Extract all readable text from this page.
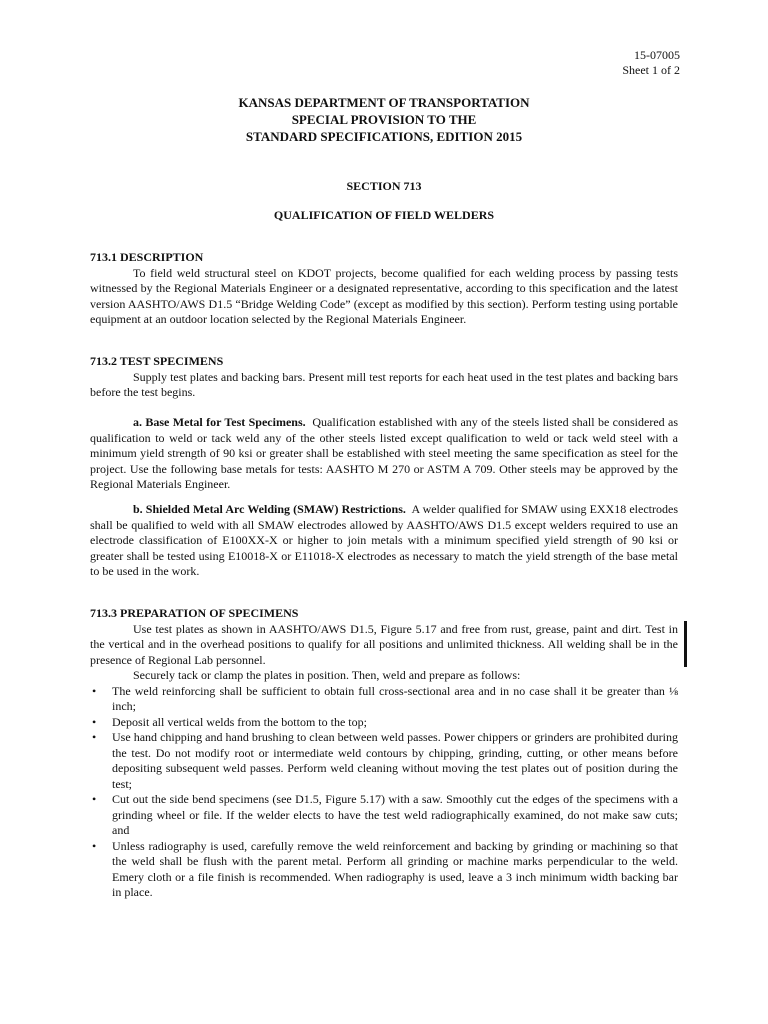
15-07005
Sheet 1 of 2
KANSAS DEPARTMENT OF TRANSPORTATION
SPECIAL PROVISION TO THE
STANDARD SPECIFICATIONS, EDITION 2015
SECTION 713
QUALIFICATION OF FIELD WELDERS
713.1 DESCRIPTION
To field weld structural steel on KDOT projects, become qualified for each welding process by passing tests witnessed by the Regional Materials Engineer or a designated representative, according to this specification and the latest version AASHTO/AWS D1.5 “Bridge Welding Code” (except as modified by this section). Perform testing using portable equipment at an outdoor location selected by the Regional Materials Engineer.
713.2 TEST SPECIMENS
Supply test plates and backing bars. Present mill test reports for each heat used in the test plates and backing bars before the test begins.
a. Base Metal for Test Specimens. Qualification established with any of the steels listed shall be considered as qualification to weld or tack weld any of the other steels listed except qualification to weld or tack weld steel with a minimum yield strength of 90 ksi or greater shall be established with steel meeting the same specification as steel for the project. Use the following base metals for tests: AASHTO M 270 or ASTM A 709. Other steels may be approved by the Regional Materials Engineer.
b. Shielded Metal Arc Welding (SMAW) Restrictions. A welder qualified for SMAW using EXX18 electrodes shall be qualified to weld with all SMAW electrodes allowed by AASHTO/AWS D1.5 except welders required to use an electrode classification of E100XX-X or higher to join metals with a minimum specified yield strength of 90 ksi or greater shall be tested using E10018-X or E11018-X electrodes as necessary to match the yield strength of the base metal to be used in the work.
713.3 PREPARATION OF SPECIMENS
Use test plates as shown in AASHTO/AWS D1.5, Figure 5.17 and free from rust, grease, paint and dirt. Test in the vertical and in the overhead positions to qualify for all positions and unlimited thickness. All welding shall be in the presence of Regional Lab personnel.
Securely tack or clamp the plates in position. Then, weld and prepare as follows:
• The weld reinforcing shall be sufficient to obtain full cross-sectional area and in no case shall it be greater than ⅛ inch;
• Deposit all vertical welds from the bottom to the top;
• Use hand chipping and hand brushing to clean between weld passes. Power chippers or grinders are prohibited during the test. Do not modify root or intermediate weld contours by chipping, grinding, cutting, or other means before depositing subsequent weld passes. Perform weld cleaning without moving the test plates out of position during the test;
• Cut out the side bend specimens (see D1.5, Figure 5.17) with a saw. Smoothly cut the edges of the specimens with a grinding wheel or file. If the welder elects to have the test weld radiographically examined, do not make saw cuts; and
• Unless radiography is used, carefully remove the weld reinforcement and backing by grinding or machining so that the weld shall be flush with the parent metal. Perform all grinding or machine marks perpendicular to the weld. Emery cloth or a file finish is recommended. When radiography is used, leave a 3 inch minimum width backing bar in place.
